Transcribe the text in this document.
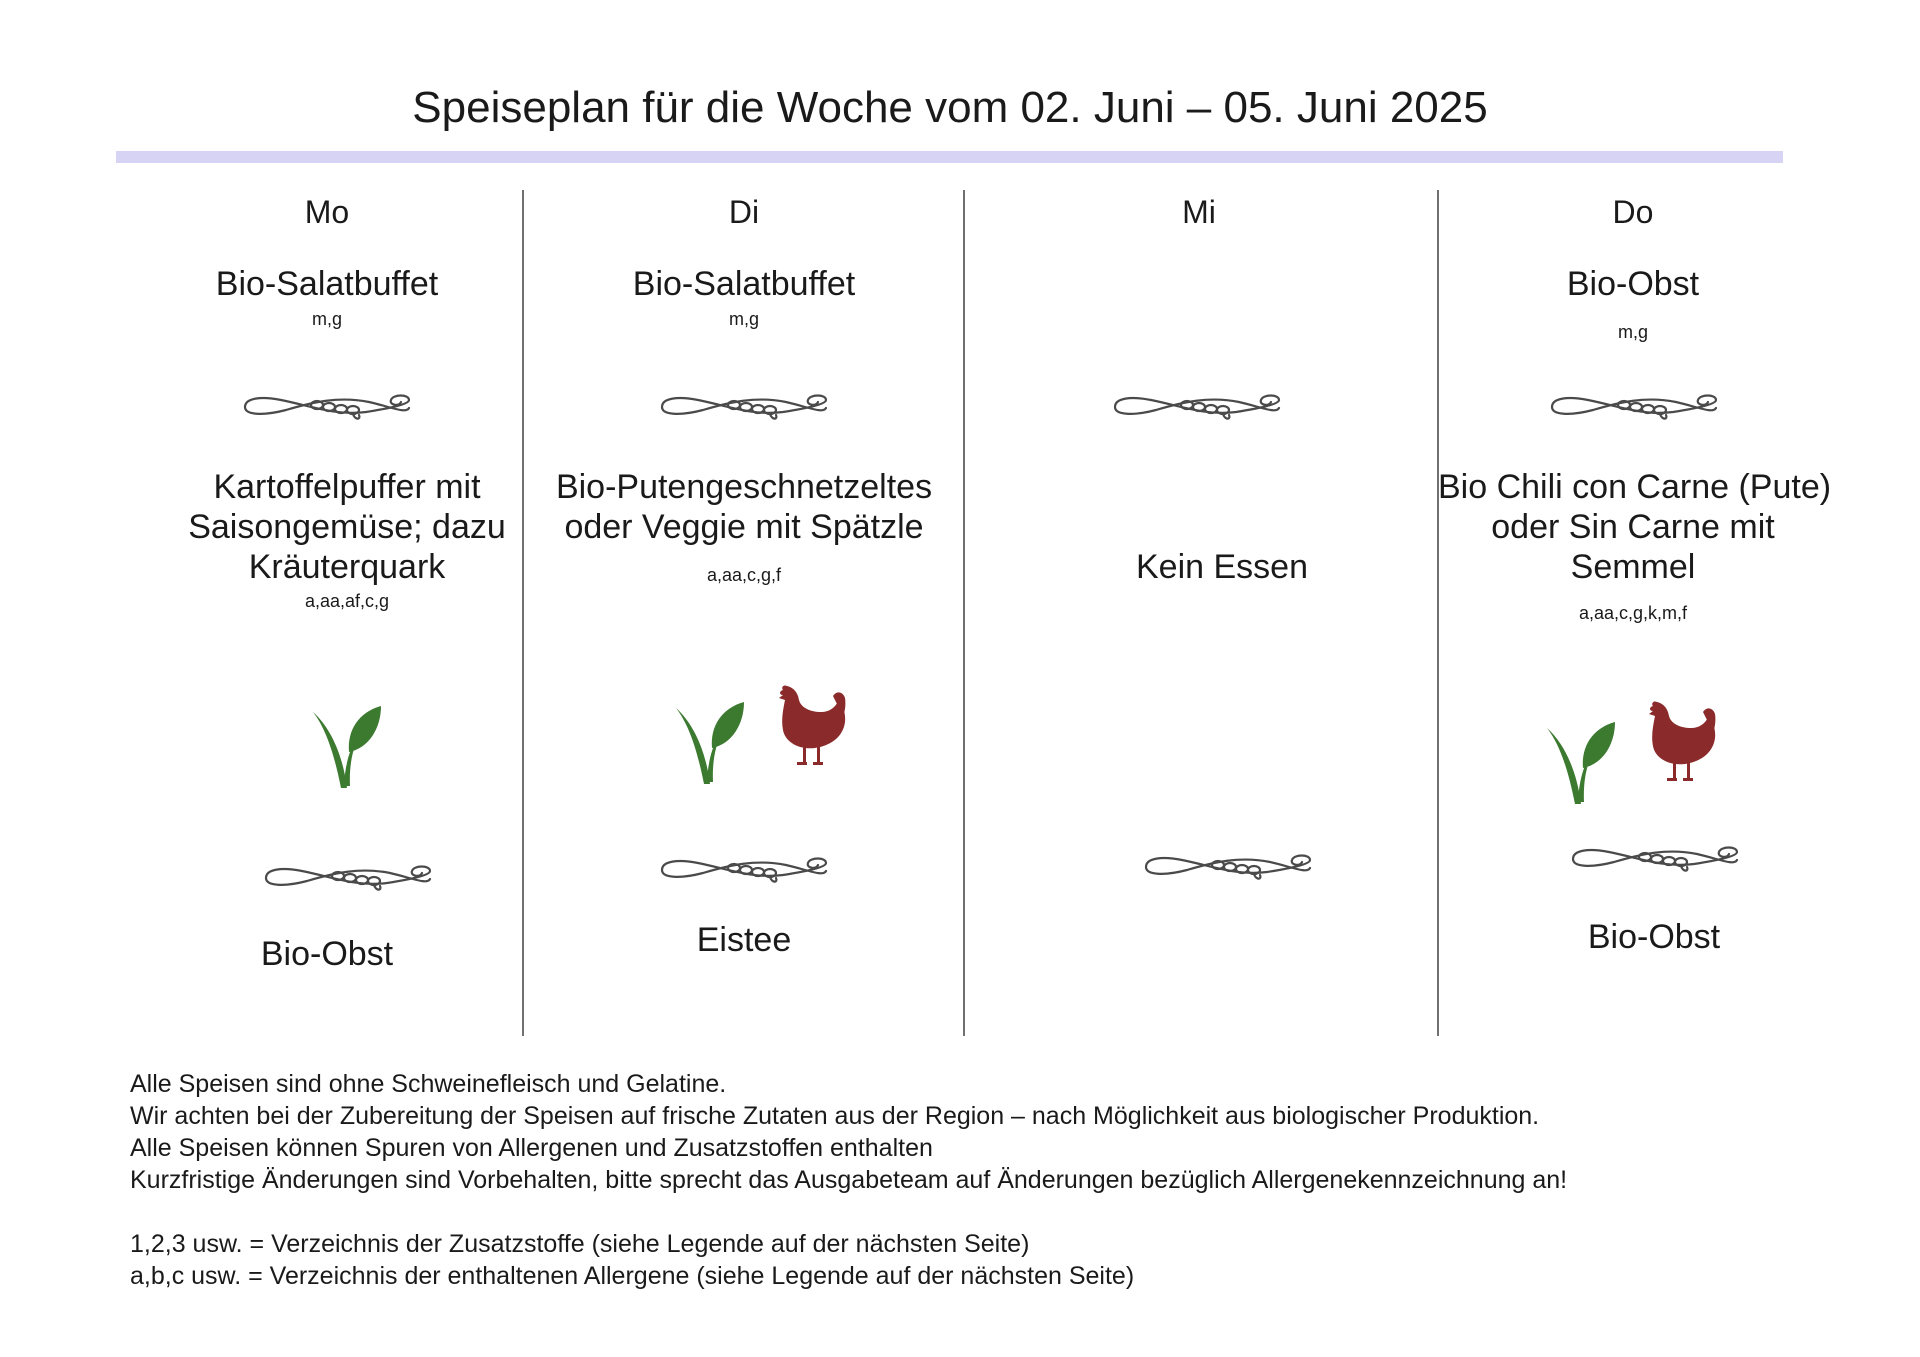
Speiseplan für die Woche vom 02. Juni – 05. Juni 2025
Mo
Bio-Salatbuffet
m,g
Kartoffelpuffer mit
Saisongemüse; dazu
Kräuterquark
a,aa,af,c,g
Bio-Obst
Di
Bio-Salatbuffet
m,g
Bio-Putengeschnetzeltes
oder Veggie mit Spätzle
a,aa,c,g,f
Eistee
Mi
Kein Essen
Do
Bio-Obst
m,g
Bio Chili con Carne (Pute)
oder Sin Carne mit
Semmel
a,aa,c,g,k,m,f
Bio-Obst
Alle Speisen sind ohne Schweinefleisch und Gelatine.
Wir achten bei der Zubereitung der Speisen auf frische Zutaten aus der Region – nach Möglichkeit aus biologischer Produktion.
Alle Speisen können Spuren von Allergenen und Zusatzstoffen enthalten
Kurzfristige Änderungen sind Vorbehalten, bitte sprecht das Ausgabeteam auf Änderungen bezüglich Allergenekennzeichnung an!
1,2,3 usw. = Verzeichnis der Zusatzstoffe (siehe Legende auf der nächsten Seite)
a,b,c usw. = Verzeichnis der enthaltenen Allergene (siehe Legende auf der nächsten Seite)
